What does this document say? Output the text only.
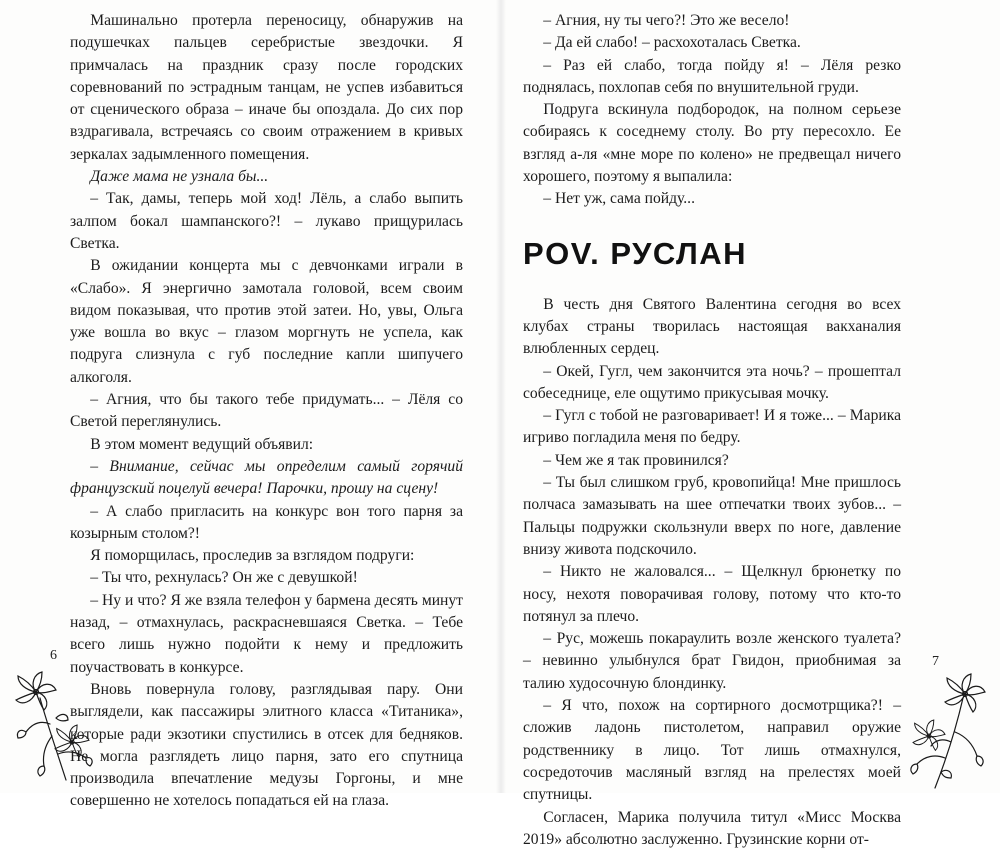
Машинально протерла переносицу, обнаружив на подушечках пальцев серебристые звездочки. Я примчалась на праздник сразу после городских соревнований по эстрадным танцам, не успев избавиться от сценического образа – иначе бы опоздала. До сих пор вздрагивала, встречаясь со своим отражением в кривых зеркалах задымленного помещения.

Даже мама не узнала бы...

– Так, дамы, теперь мой ход! Лёль, а слабо выпить залпом бокал шампанского?! – лукаво прищурилась Светка.

В ожидании концерта мы с девчонками играли в «Слабо». Я энергично замотала головой, всем своим видом показывая, что против этой затеи. Но, увы, Ольга уже вошла во вкус – глазом моргнуть не успела, как подруга слизнула с губ последние капли шипучего алкоголя.

– Агния, что бы такого тебе придумать... – Лёля со Светой переглянулись.

В этом момент ведущий объявил:

– Внимание, сейчас мы определим самый горячий французский поцелуй вечера! Парочки, прошу на сцену!

– А слабо пригласить на конкурс вон того парня за козырным столом?!

Я поморщилась, проследив за взглядом подруги:

– Ты что, рехнулась? Он же с девушкой!

– Ну и что? Я же взяла телефон у бармена десять минут назад, – отмахнулась, раскрасневшаяся Светка. – Тебе всего лишь нужно подойти к нему и предложить поучаствовать в конкурсе.

Вновь повернула голову, разглядывая пару. Они выглядели, как пассажиры элитного класса «Титаника», которые ради экзотики спустились в отсек для бедняков. Не могла разглядеть лицо парня, зато его спутница производила впечатление медузы Горгоны, и мне совершенно не хотелось попадаться ей на глаза.

– Агния, ну ты чего?! Это же весело!

– Да ей слабо! – расхохоталась Светка.

– Раз ей слабо, тогда пойду я! – Лёля резко поднялась, похлопав себя по внушительной груди.

Подруга вскинула подбородок, на полном серьезе собираясь к соседнему столу. Во рту пересохло. Ее взгляд а-ля «мне море по колено» не предвещал ничего хорошего, поэтому я выпалила:

– Нет уж, сама пойду...

POV. РУСЛАН

В честь дня Святого Валентина сегодня во всех клубах страны творилась настоящая вакханалия влюбленных сердец.

– Окей, Гугл, чем закончится эта ночь? – прошептал собеседнице, еле ощутимо прикусывая мочку.

– Гугл с тобой не разговаривает! И я тоже... – Марика игриво погладила меня по бедру.

– Чем же я так провинился?

– Ты был слишком груб, кровопийца! Мне пришлось полчаса замазывать на шее отпечатки твоих зубов... – Пальцы подружки скользнули вверх по ноге, давление внизу живота подскочило.

– Никто не жаловался... – Щелкнул брюнетку по носу, нехотя поворачивая голову, потому что кто-то потянул за плечо.

– Рус, можешь покараулить возле женского туалета? – невинно улыбнулся брат Гвидон, приобнимая за талию худосочную блондинку.

– Я что, похож на сортирного досмотрщика?! – сложив ладонь пистолетом, направил оружие родственнику в лицо. Тот лишь отмахнулся, сосредоточив масляный взгляд на прелестях моей спутницы.

Согласен, Марика получила титул «Мисс Москва 2019» абсолютно заслуженно. Грузинские корни от-

6	7
